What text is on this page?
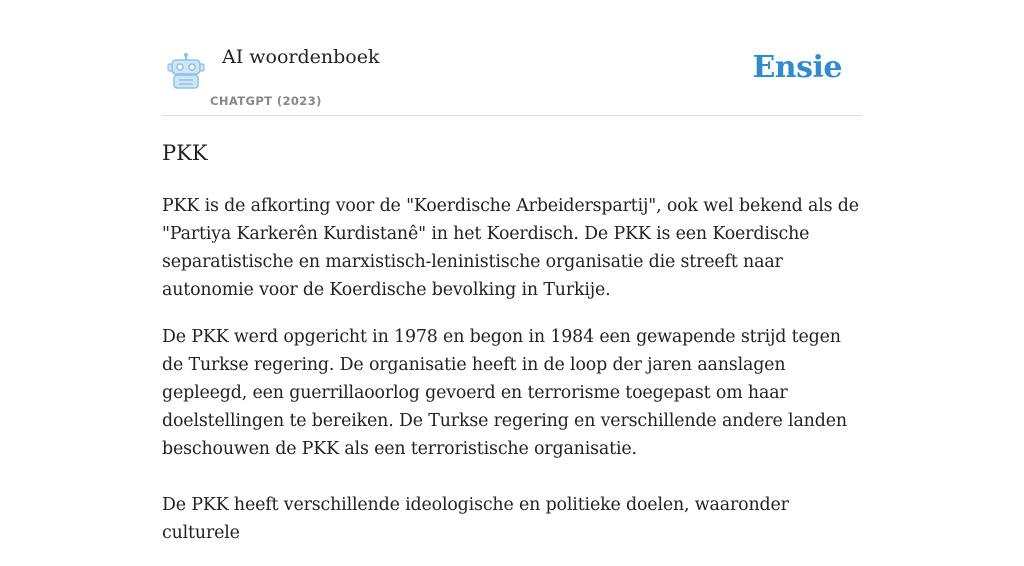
AI woordenboek
CHATGPT (2023)
Ensie
PKK

PKK is de afkorting voor de "Koerdische Arbeiderspartij", ook wel bekend als de "Partiya Karkerên Kurdistanê" in het Koerdisch. De PKK is een Koerdische separatistische en marxistisch-leninistische organisatie die streeft naar autonomie voor de Koerdische bevolking in Turkije.

De PKK werd opgericht in 1978 en begon in 1984 een gewapende strijd tegen de Turkse regering. De organisatie heeft in de loop der jaren aanslagen gepleegd, een guerrillaoorlog gevoerd en terrorisme toegepast om haar doelstellingen te bereiken. De Turkse regering en verschillende andere landen beschouwen de PKK als een terroristische organisatie.

De PKK heeft verschillende ideologische en politieke doelen, waaronder culturele
